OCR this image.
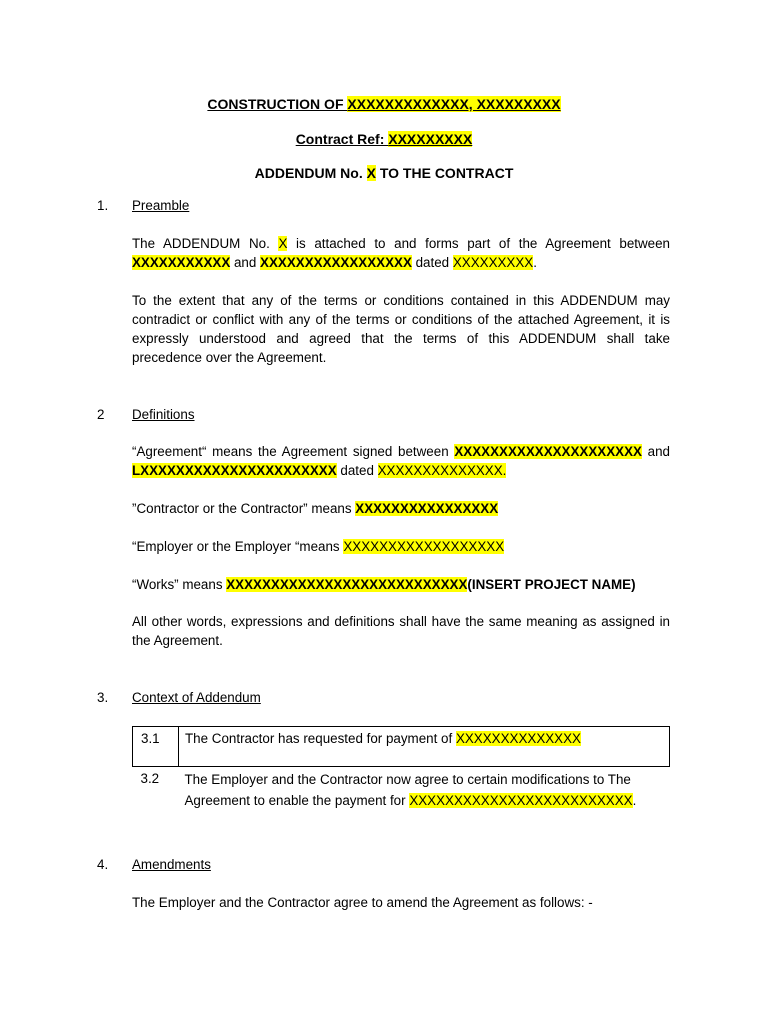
CONSTRUCTION OF XXXXXXXXXXXXX, XXXXXXXXX
Contract Ref: XXXXXXXXX
ADDENDUM No. X TO THE CONTRACT
1. Preamble
The ADDENDUM No. X is attached to and forms part of the Agreement between XXXXXXXXXXX and XXXXXXXXXXXXXXXXX dated XXXXXXXXX.
To the extent that any of the terms or conditions contained in this ADDENDUM may contradict or conflict with any of the terms or conditions of the attached Agreement, it is expressly understood and agreed that the terms of this ADDENDUM shall take precedence over the Agreement.
2 Definitions
“Agreement“ means the Agreement signed between XXXXXXXXXXXXXXXXXXXXX and LXXXXXXXXXXXXXXXXXXXXXX dated XXXXXXXXXXXXXX.
”Contractor or the Contractor” means XXXXXXXXXXXXXXXX
“Employer or the Employer “means XXXXXXXXXXXXXXXXXX
“Works” means XXXXXXXXXXXXXXXXXXXXXXXXXXX(INSERT PROJECT NAME)
All other words, expressions and definitions shall have the same meaning as assigned in the Agreement.
3. Context of Addendum
3.1	The Contractor has requested for payment of XXXXXXXXXXXXXX
3.2	The Employer and the Contractor now agree to certain modifications to The Agreement to enable the payment for XXXXXXXXXXXXXXXXXXXXXXXXX.
4. Amendments
The Employer and the Contractor agree to amend the Agreement as follows: -
